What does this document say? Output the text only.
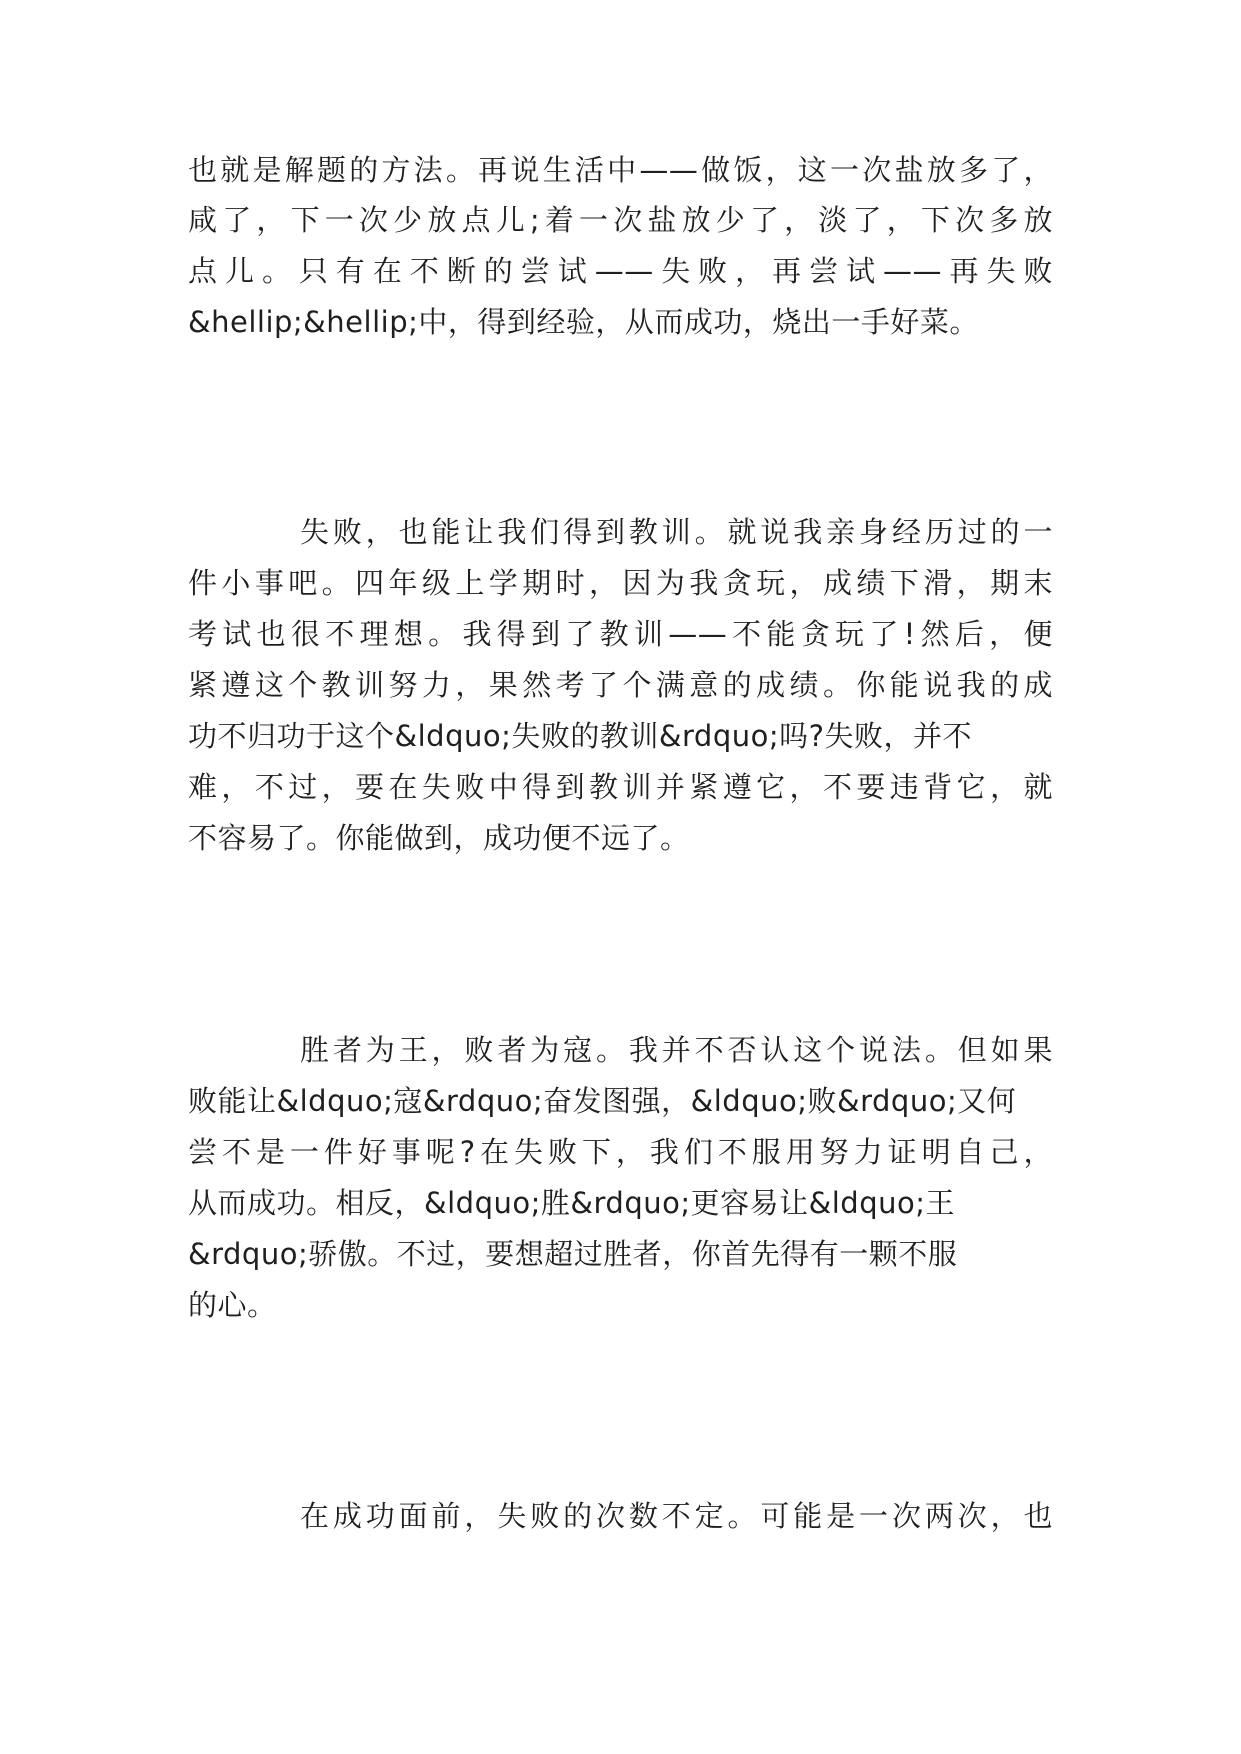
也就是解题的方法。再说生活中——做饭，这一次盐放多了，

咸了，下一次少放点儿;着一次盐放少了，淡了，下次多放

点儿。只有在不断的尝试——失败，再尝试——再失败

&hellip;&hellip;中，得到经验，从而成功，烧出一手好菜。

失败，也能让我们得到教训。就说我亲身经历过的一

件小事吧。四年级上学期时，因为我贪玩，成绩下滑，期末

考试也很不理想。我得到了教训——不能贪玩了!然后，便

紧遵这个教训努力，果然考了个满意的成绩。你能说我的成

功不归功于这个&ldquo;失败的教训&rdquo;吗?失败，并不

难，不过，要在失败中得到教训并紧遵它，不要违背它，就

不容易了。你能做到，成功便不远了。

胜者为王，败者为寇。我并不否认这个说法。但如果

败能让&ldquo;寇&rdquo;奋发图强，&ldquo;败&rdquo;又何

尝不是一件好事呢?在失败下，我们不服用努力证明自己，

从而成功。相反，&ldquo;胜&rdquo;更容易让&ldquo;王

&rdquo;骄傲。不过，要想超过胜者，你首先得有一颗不服

的心。

在成功面前，失败的次数不定。可能是一次两次，也
